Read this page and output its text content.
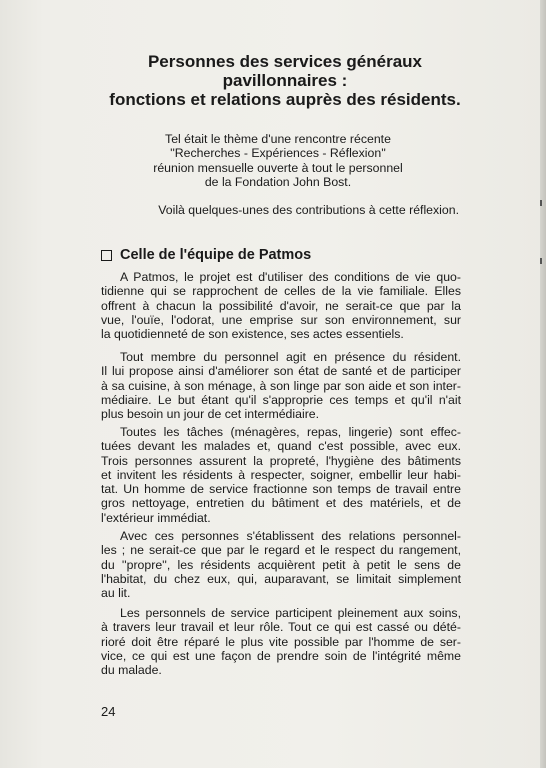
Personnes des services généraux
pavillonnaires :
fonctions et relations auprès des résidents.
Tel était le thème d'une rencontre récente
''Recherches - Expériences - Réflexion''
réunion mensuelle ouverte à tout le personnel
de la Fondation John Bost.
Voilà quelques-unes des contributions à cette réflexion.
Celle de l'équipe de Patmos
A Patmos, le projet est d'utiliser des conditions de vie quo-
tidienne qui se rapprochent de celles de la vie familiale. Elles
offrent à chacun la possibilité d'avoir, ne serait-ce que par la
vue, l'ouïe, l'odorat, une emprise sur son environnement, sur
la quotidienneté de son existence, ses actes essentiels.
Tout membre du personnel agit en présence du résident.
Il lui propose ainsi d'améliorer son état de santé et de participer
à sa cuisine, à son ménage, à son linge par son aide et son inter-
médiaire. Le but étant qu'il s'approprie ces temps et qu'il n'ait
plus besoin un jour de cet intermédiaire.
Toutes les tâches (ménagères, repas, lingerie) sont effec-
tuées devant les malades et, quand c'est possible, avec eux.
Trois personnes assurent la propreté, l'hygiène des bâtiments
et invitent les résidents à respecter, soigner, embellir leur habi-
tat. Un homme de service fractionne son temps de travail entre
gros nettoyage, entretien du bâtiment et des matériels, et de
l'extérieur immédiat.
Avec ces personnes s'établissent des relations personnel-
les ; ne serait-ce que par le regard et le respect du rangement,
du ''propre'', les résidents acquièrent petit à petit le sens de
l'habitat, du chez eux, qui, auparavant, se limitait simplement
au lit.
Les personnels de service participent pleinement aux soins,
à travers leur travail et leur rôle. Tout ce qui est cassé ou dété-
rioré doit être réparé le plus vite possible par l'homme de ser-
vice, ce qui est une façon de prendre soin de l'intégrité même
du malade.
24
